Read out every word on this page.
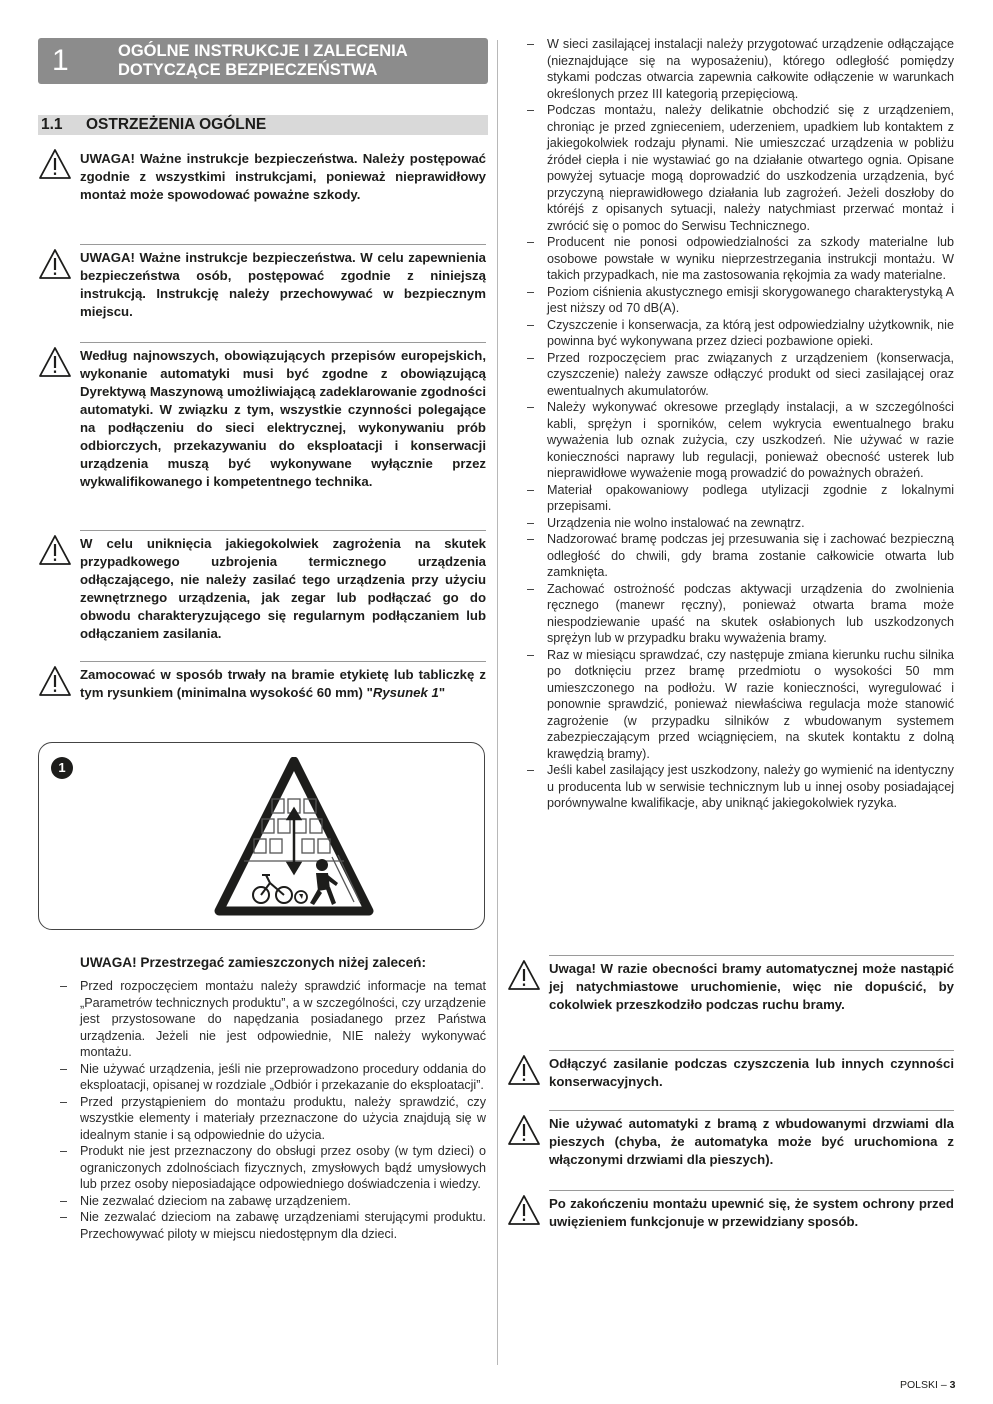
1	OGÓLNE INSTRUKCJE I ZALECENIA
DOTYCZĄCE BEZPIECZEŃSTWA
1.1 OSTRZEŻENIA OGÓLNE
UWAGA! Ważne instrukcje bezpieczeństwa. Należy postępować zgodnie z wszystkimi instrukcjami, ponieważ nieprawidłowy montaż może spowodować poważne szkody.
UWAGA! Ważne instrukcje bezpieczeństwa. W celu zapewnienia bezpieczeństwa osób, postępować zgodnie z niniejszą instrukcją. Instrukcję należy przechowywać w bezpiecznym miejscu.
Według najnowszych, obowiązujących przepisów europejskich, wykonanie automatyki musi być zgodne z obowiązującą Dyrektywą Maszynową umożliwiającą zadeklarowanie zgodności automatyki. W związku z tym, wszystkie czynności polegające na podłączeniu do sieci elektrycznej, wykonywaniu prób odbiorczych, przekazywaniu do eksploatacji i konserwacji urządzenia muszą być wykonywane wyłącznie przez wykwalifikowanego i kompetentnego technika.
W celu uniknięcia jakiegokolwiek zagrożenia na skutek przypadkowego uzbrojenia termicznego urządzenia odłączającego, nie należy zasilać tego urządzenia przy użyciu zewnętrznego urządzenia, jak zegar lub podłączać go do obwodu charakteryzującego się regularnym podłączaniem lub odłączaniem zasilania.
Zamocować w sposób trwały na bramie etykietę lub tabliczkę z tym rysunkiem (minimalna wysokość 60 mm) "Rysunek 1"
1
UWAGA! Przestrzegać zamieszczonych niżej zaleceń:
– Przed rozpoczęciem montażu należy sprawdzić informacje na temat „Parametrów technicznych produktu”, a w szczególności, czy urządzenie jest przystosowane do napędzania posiadanego przez Państwa urządzenia. Jeżeli nie jest odpowiednie, NIE należy wykonywać montażu.
– Nie używać urządzenia, jeśli nie przeprowadzono procedury oddania do eksploatacji, opisanej w rozdziale „Odbiór i przekazanie do eksploatacji”.
– Przed przystąpieniem do montażu produktu, należy sprawdzić, czy wszystkie elementy i materiały przeznaczone do użycia znajdują się w idealnym stanie i są odpowiednie do użycia.
– Produkt nie jest przeznaczony do obsługi przez osoby (w tym dzieci) o ograniczonych zdolnościach fizycznych, zmysłowych bądź umysłowych lub przez osoby nieposiadające odpowiedniego doświadczenia i wiedzy.
– Nie zezwalać dzieciom na zabawę urządzeniem.
– Nie zezwalać dzieciom na zabawę urządzeniami sterującymi produktu. Przechowywać piloty w miejscu niedostępnym dla dzieci.
– W sieci zasilającej instalacji należy przygotować urządzenie odłączające (nieznajdujące się na wyposażeniu), którego odległość pomiędzy stykami podczas otwarcia zapewnia całkowite odłączenie w warunkach określonych przez III kategorią przepięciową.
– Podczas montażu, należy delikatnie obchodzić się z urządzeniem, chroniąc je przed zgnieceniem, uderzeniem, upadkiem lub kontaktem z jakiegokolwiek rodzaju płynami. Nie umieszczać urządzenia w pobliżu źródeł ciepła i nie wystawiać go na działanie otwartego ognia. Opisane powyżej sytuacje mogą doprowadzić do uszkodzenia urządzenia, być przyczyną nieprawidłowego działania lub zagrożeń. Jeżeli doszłoby do któréjś z opisanych sytuacji, należy natychmiast przerwać montaż i zwrócić się o pomoc do Serwisu Technicznego.
– Producent nie ponosi odpowiedzialności za szkody materialne lub osobowe powstałe w wyniku nieprzestrzegania instrukcji montażu. W takich przypadkach, nie ma zastosowania rękojmia za wady materialne.
– Poziom ciśnienia akustycznego emisji skorygowanego charakterystyką A jest niższy od 70 dB(A).
– Czyszczenie i konserwacja, za którą jest odpowiedzialny użytkownik, nie powinna być wykonywana przez dzieci pozbawione opieki.
– Przed rozpoczęciem prac związanych z urządzeniem (konserwacja, czyszczenie) należy zawsze odłączyć produkt od sieci zasilającej oraz ewentualnych akumulatorów.
– Należy wykonywać okresowe przeglądy instalacji, a w szczególności kabli, sprężyn i sporników, celem wykrycia ewentualnego braku wyważenia lub oznak zużycia, czy uszkodzeń. Nie używać w razie konieczności naprawy lub regulacji, ponieważ obecność usterek lub nieprawidłowe wyważenie mogą prowadzić do poważnych obrażeń.
– Materiał opakowaniowy podlega utylizacji zgodnie z lokalnymi przepisami.
– Urządzenia nie wolno instalować na zewnątrz.
– Nadzorować bramę podczas jej przesuwania się i zachować bezpieczną odległość do chwili, gdy brama zostanie całkowicie otwarta lub zamknięta.
– Zachować ostrożność podczas aktywacji urządzenia do zwolnienia ręcznego (manewr ręczny), ponieważ otwarta brama może niespodziewanie upaść na skutek osłabionych lub uszkodzonych sprężyn lub w przypadku braku wyważenia bramy.
– Raz w miesiącu sprawdzać, czy następuje zmiana kierunku ruchu silnika po dotknięciu przez bramę przedmiotu o wysokości 50 mm umieszczonego na podłożu. W razie konieczności, wyregulować i ponownie sprawdzić, ponieważ niewłaściwa regulacja może stanowić zagrożenie (w przypadku silników z wbudowanym systemem zabezpieczającym przed wciągnięciem, na skutek kontaktu z dolną krawędzią bramy).
– Jeśli kabel zasilający jest uszkodzony, należy go wymienić na identyczny u producenta lub w serwisie technicznym lub u innej osoby posiadającej porównywalne kwalifikacje, aby uniknąć jakiegokolwiek ryzyka.
Uwaga! W razie obecności bramy automatycznej może nastąpić jej natychmiastowe uruchomienie, więc nie dopuścić, by cokolwiek przeszkodziło podczas ruchu bramy.
Odłączyć zasilanie podczas czyszczenia lub innych czynności konserwacyjnych.
Nie używać automatyki z bramą z wbudowanymi drzwiami dla pieszych (chyba, że automatyka może być uruchomiona z włączonymi drzwiami dla pieszych).
Po zakończeniu montażu upewnić się, że system ochrony przed uwięzieniem funkcjonuje w przewidziany sposób.
POLSKI – 3
